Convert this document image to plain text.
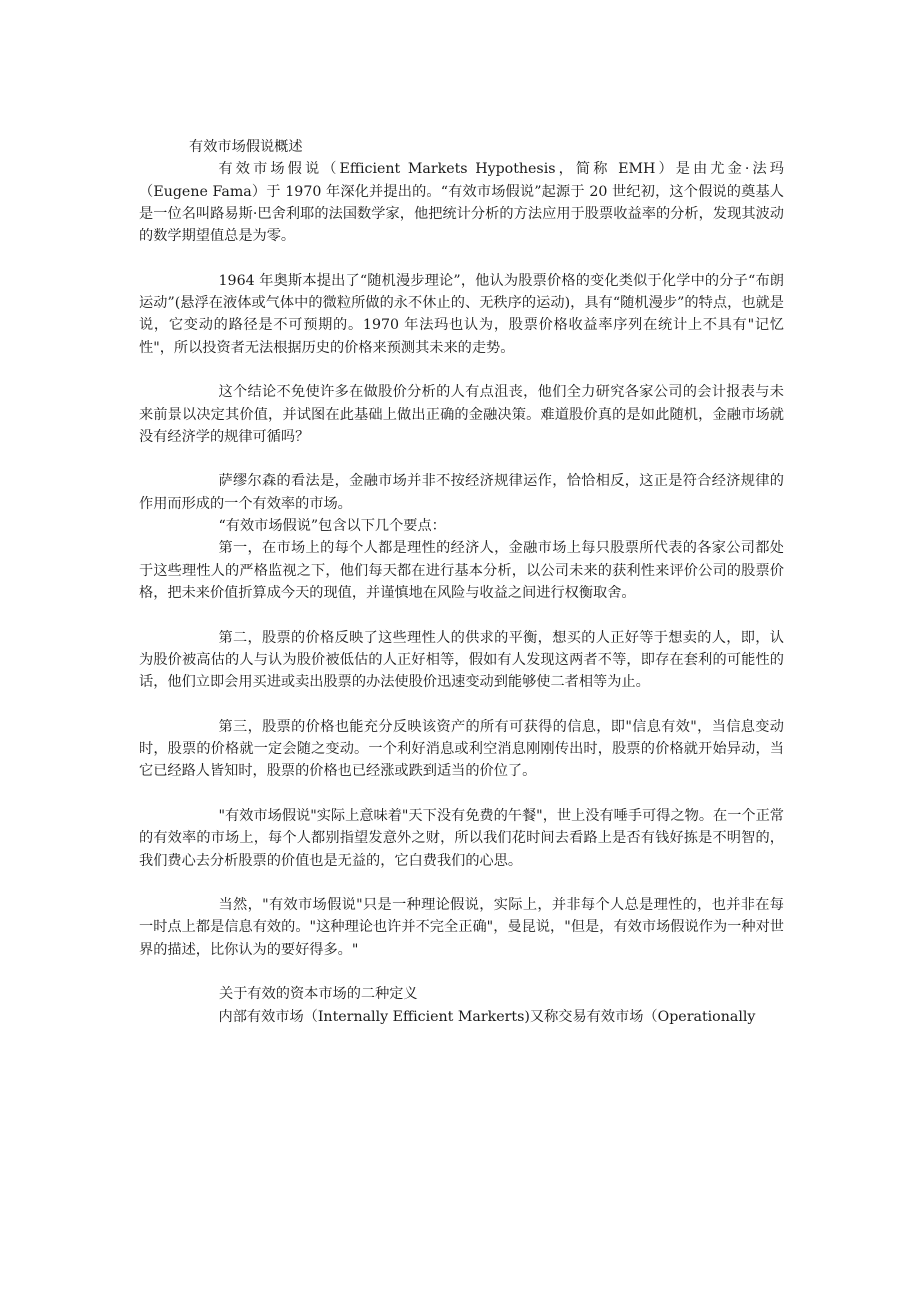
有效市场假说概述

有效市场假说（Efficient Markets Hypothesis，简称 EMH）是由尤金·法玛（Eugene Fama）于 1970 年深化并提出的。“有效市场假说”起源于 20 世纪初，这个假说的奠基人是一位名叫路易斯·巴舍利耶的法国数学家，他把统计分析的方法应用于股票收益率的分析，发现其波动的数学期望值总是为零。

1964 年奥斯本提出了“随机漫步理论”，他认为股票价格的变化类似于化学中的分子“布朗运动”(悬浮在液体或气体中的微粒所做的永不休止的、无秩序的运动)，具有“随机漫步”的特点，也就是说，它变动的路径是不可预期的。1970 年法玛也认为，股票价格收益率序列在统计上不具有"记忆性"，所以投资者无法根据历史的价格来预测其未来的走势。

这个结论不免使许多在做股价分析的人有点沮丧，他们全力研究各家公司的会计报表与未来前景以决定其价值，并试图在此基础上做出正确的金融决策。难道股价真的是如此随机，金融市场就没有经济学的规律可循吗？

萨缪尔森的看法是，金融市场并非不按经济规律运作，恰恰相反，这正是符合经济规律的作用而形成的一个有效率的市场。

“有效市场假说”包含以下几个要点：

第一，在市场上的每个人都是理性的经济人，金融市场上每只股票所代表的各家公司都处于这些理性人的严格监视之下，他们每天都在进行基本分析，以公司未来的获利性来评价公司的股票价格，把未来价值折算成今天的现值，并谨慎地在风险与收益之间进行权衡取舍。

第二，股票的价格反映了这些理性人的供求的平衡，想买的人正好等于想卖的人，即，认为股价被高估的人与认为股价被低估的人正好相等，假如有人发现这两者不等，即存在套利的可能性的话，他们立即会用买进或卖出股票的办法使股价迅速变动到能够使二者相等为止。

第三，股票的价格也能充分反映该资产的所有可获得的信息，即"信息有效"，当信息变动时，股票的价格就一定会随之变动。一个利好消息或利空消息刚刚传出时，股票的价格就开始异动，当它已经路人皆知时，股票的价格也已经涨或跌到适当的价位了。

"有效市场假说"实际上意味着"天下没有免费的午餐"，世上没有唾手可得之物。在一个正常的有效率的市场上，每个人都别指望发意外之财，所以我们花时间去看路上是否有钱好拣是不明智的，我们费心去分析股票的价值也是无益的，它白费我们的心思。

当然，"有效市场假说"只是一种理论假说，实际上，并非每个人总是理性的，也并非在每一时点上都是信息有效的。"这种理论也许并不完全正确"，曼昆说，"但是，有效市场假说作为一种对世界的描述，比你认为的要好得多。"

关于有效的资本市场的二种定义

内部有效市场（Internally Efficient Markerts)又称交易有效市场（Operationally
